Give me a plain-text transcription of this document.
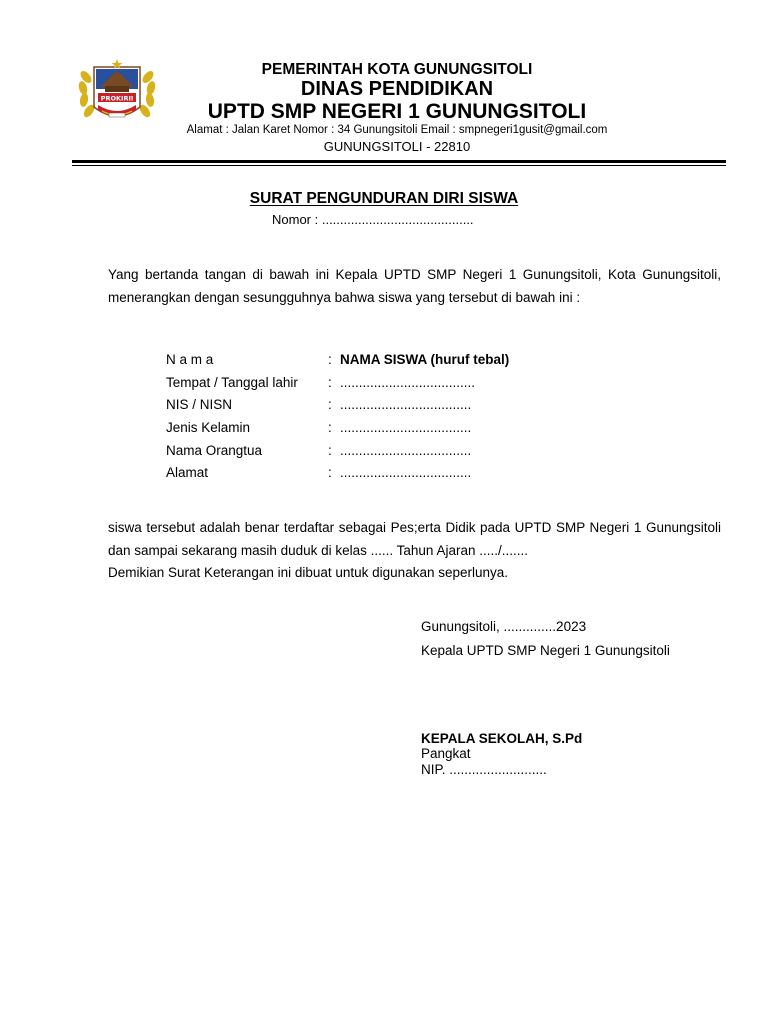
PROKIRII
PEMERINTAH KOTA GUNUNGSITOLI
DINAS PENDIDIKAN
UPTD SMP NEGERI 1 GUNUNGSITOLI
Alamat : Jalan Karet Nomor : 34 Gunungsitoli Email : smpnegeri1gusit@gmail.com
GUNUNGSITOLI - 22810
SURAT PENGUNDURAN DIRI SISWA
Nomor : ..........................................
Yang bertanda tangan di bawah ini Kepala UPTD SMP Negeri 1 Gunungsitoli, Kota Gunungsitoli, menerangkan dengan sesungguhnya bahwa siswa yang tersebut di bawah ini :
N a m a	: NAMA SISWA (huruf tebal)
Tempat / Tanggal lahir	: ....................................
NIS / NISN	: ...................................
Jenis Kelamin	: ...................................
Nama Orangtua	: ...................................
Alamat	: ...................................
siswa tersebut adalah benar terdaftar sebagai Pes;erta Didik pada UPTD SMP Negeri 1 Gunungsitoli dan sampai sekarang masih duduk di kelas ...... Tahun Ajaran ...../.......
Demikian Surat Keterangan ini dibuat untuk digunakan seperlunya.
Gunungsitoli, ..............2023
Kepala UPTD SMP Negeri 1 Gunungsitoli
KEPALA SEKOLAH, S.Pd
Pangkat
NIP. ..........................
